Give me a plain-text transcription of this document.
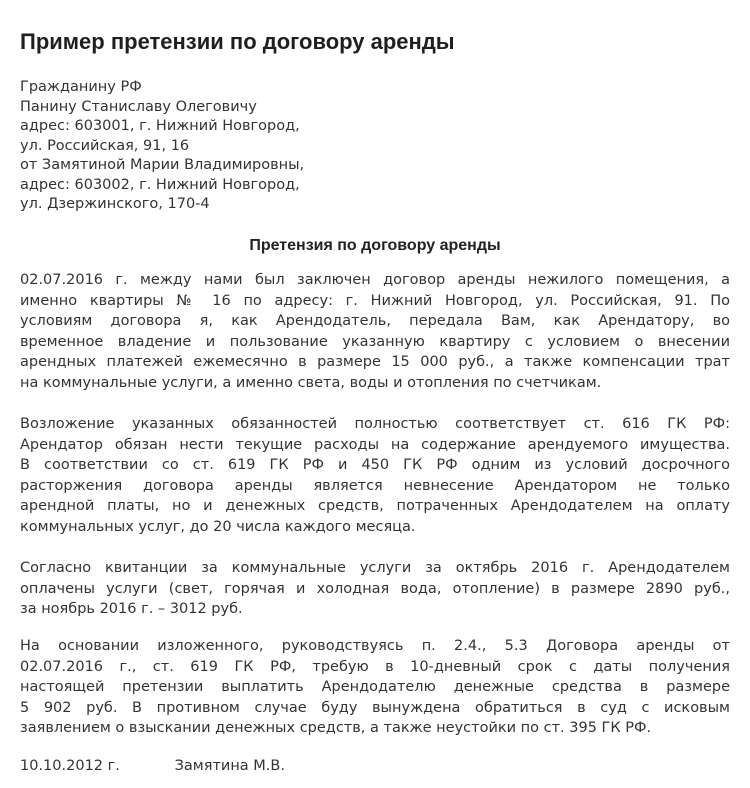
Пример претензии по договору аренды
Гражданину РФ
Панину Станиславу Олеговичу
адрес: 603001, г. Нижний Новгород,
ул. Российская, 91, 16
от Замятиной Марии Владимировны,
адрес: 603002, г. Нижний Новгород,
ул. Дзержинского, 170-4
Претензия по договору аренды

02.07.2016 г. между нами был заключен договор аренды нежилого помещения, а
именно квартиры № 16 по адресу: г. Нижний Новгород, ул. Российская, 91. По
условиям договора я, как Арендодатель, передала Вам, как Арендатору, во
временное владение и пользование указанную квартиру с условием о внесении
арендных платежей ежемесячно в размере 15 000 руб., а также компенсации трат
на коммунальные услуги, а именно света, воды и отопления по счетчикам.

Возложение указанных обязанностей полностью соответствует ст. 616 ГК РФ:
Арендатор обязан нести текущие расходы на содержание арендуемого имущества.
В соответствии со ст. 619 ГК РФ и 450 ГК РФ одним из условий досрочного
расторжения договора аренды является невнесение Арендатором не только
арендной платы, но и денежных средств, потраченных Арендодателем на оплату
коммунальных услуг, до 20 числа каждого месяца.

Согласно квитанции за коммунальные услуги за октябрь 2016 г. Арендодателем
оплачены услуги (свет, горячая и холодная вода, отопление) в размере 2890 руб.,
за ноябрь 2016 г. – 3012 руб.

На основании изложенного, руководствуясь п. 2.4., 5.3 Договора аренды от
02.07.2016 г., ст. 619 ГК РФ, требую в 10-дневный срок с даты получения
настоящей претензии выплатить Арендодателю денежные средства в размере
5 902 руб. В противном случае буду вынуждена обратиться в суд с исковым
заявлением о взыскании денежных средств, а также неустойки по ст. 395 ГК РФ.

10.10.2012 г.	Замятина М.В.
